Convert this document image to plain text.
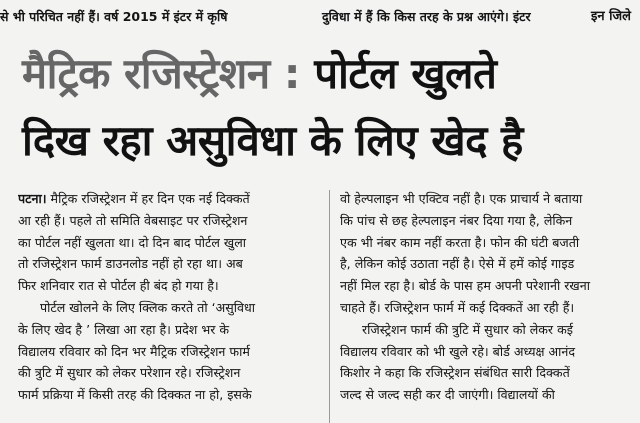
से भी परिचित नहीं हैं। वर्ष 2015 में इंटर में कृषि	दुविधा में हैं कि किस तरह के प्रश्न आएंगे। इंटर	इन जिले
मैट्रिक रजिस्ट्रेशन : पोर्टल खुलते
दिख रहा असुविधा के लिए खेद है
पटना। मैट्रिक रजिस्ट्रेशन में हर दिन एक नई दिक्कतें
आ रही हैं। पहले तो समिति वेबसाइट पर रजिस्ट्रेशन
का पोर्टल नहीं खुलता था। दो दिन बाद पोर्टल खुला
तो रजिस्ट्रेशन फार्म डाउनलोड नहीं हो रहा था। अब
फिर शनिवार रात से पोर्टल ही बंद हो गया है।
पोर्टल खोलने के लिए क्लिक करते तो ‘असुविधा
के लिए खेद है ’ लिखा आ रहा है। प्रदेश भर के
विद्यालय रविवार को दिन भर मैट्रिक रजिस्ट्रेशन फार्म
की त्रुटि में सुधार को लेकर परेशान रहे। रजिस्ट्रेशन
फार्म प्रक्रिया में किसी तरह की दिक्कत ना हो, इसके
वो हेल्पलाइन भी एक्टिव नहीं है। एक प्राचार्य ने बताया
कि पांच से छह हेल्पलाइन नंबर दिया गया है, लेकिन
एक भी नंबर काम नहीं करता है। फोन की घंटी बजती
है, लेकिन कोई उठाता नहीं है। ऐसे में हमें कोई गाइड
नहीं मिल रहा है। बोर्ड के पास हम अपनी परेशानी रखना
चाहते हैं। रजिस्ट्रेशन फार्म में कई दिक्कतें आ रही हैं।
रजिस्ट्रेशन फार्म की त्रुटि में सुधार को लेकर कई
विद्यालय रविवार को भी खुले रहे। बोर्ड अध्यक्ष आनंद
किशोर ने कहा कि रजिस्ट्रेशन संबंधित सारी दिक्कतें
जल्द से जल्द सही कर दी जाएंगी। विद्यालयों की
